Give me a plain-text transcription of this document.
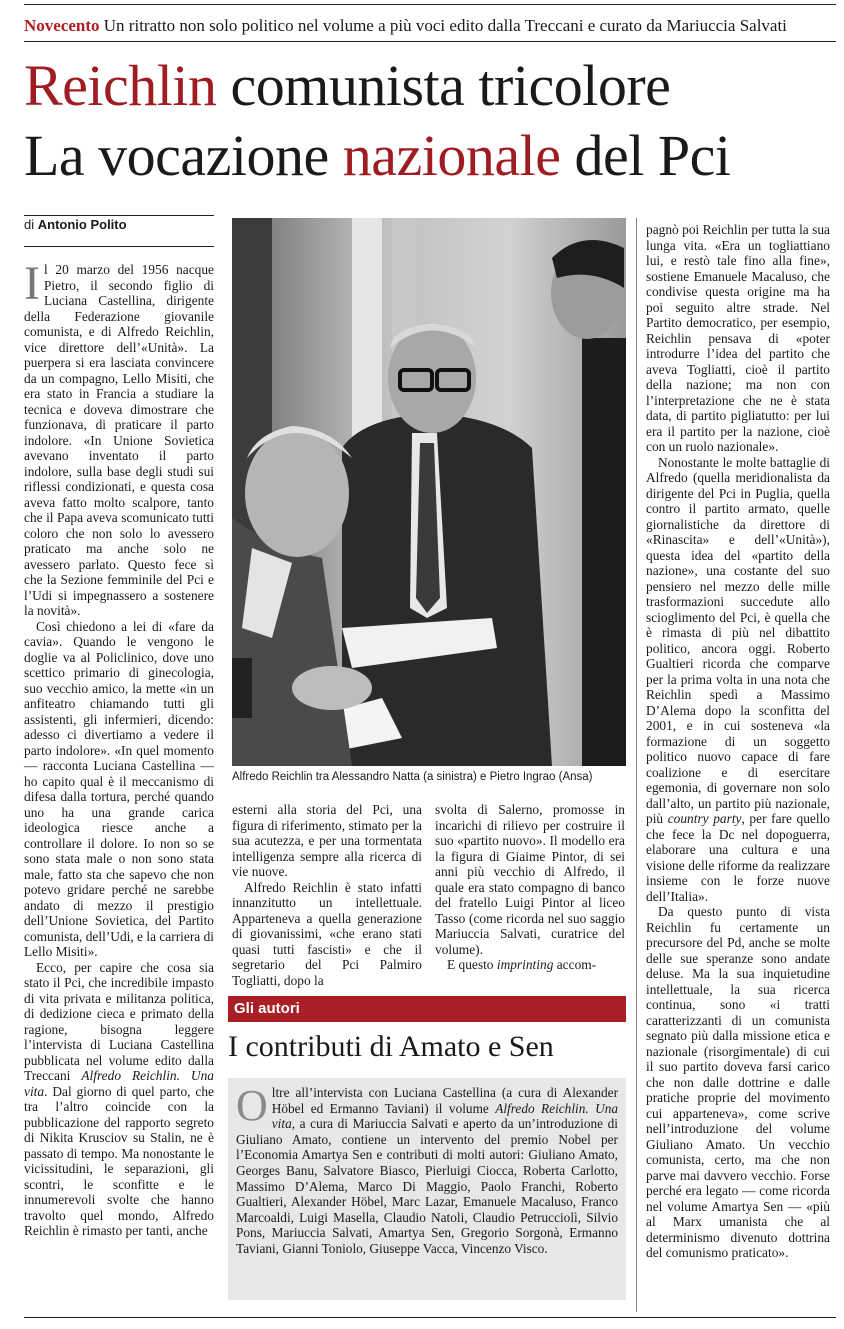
Novecento Un ritratto non solo politico nel volume a più voci edito dalla Treccani e curato da Mariuccia Salvati
Reichlin comunista tricolore
La vocazione nazionale del Pci
di Antonio Polito

Il 20 marzo del 1956 nacque Pietro, il secondo figlio di Luciana Castellina, dirigente della Federazione giovanile comunista, e di Alfredo Reichlin, vice direttore dell’«Unità». La puerpera si era lasciata convincere da un compagno, Lello Misiti, che era stato in Francia a studiare la tecnica e doveva dimostrare che funzionava, di praticare il parto indolore. «In Unione Sovietica avevano inventato il parto indolore, sulla base degli studi sui riflessi condizionati, e questa cosa aveva fatto molto scalpore, tanto che il Papa aveva scomunicato tutti coloro che non solo lo avessero praticato ma anche solo ne avessero parlato. Questo fece sì che la Sezione femminile del Pci e l’Udi si impegnassero a sostenere la novità».

Così chiedono a lei di «fare da cavia». Quando le vengono le doglie va al Policlinico, dove uno scettico primario di ginecologia, suo vecchio amico, la mette «in un anfiteatro chiamando tutti gli assistenti, gli infermieri, dicendo: adesso ci divertiamo a vedere il parto indolore». «In quel momento — racconta Luciana Castellina — ho capito qual è il meccanismo di difesa dalla tortura, perché quando uno ha una grande carica ideologica riesce anche a controllare il dolore. Io non so se sono stata male o non sono stata male, fatto sta che sapevo che non potevo gridare perché ne sarebbe andato di mezzo il prestigio dell’Unione Sovietica, del Partito comunista, dell’Udi, e la carriera di Lello Misiti».

Ecco, per capire che cosa sia stato il Pci, che incredibile impasto di vita privata e militanza politica, di dedizione cieca e primato della ragione, bisogna leggere l’intervista di Luciana Castellina pubblicata nel volume edito dalla Treccani Alfredo Reichlin. Una vita. Dal giorno di quel parto, che tra l’altro coincide con la pubblicazione del rapporto segreto di Nikita Krusciov su Stalin, ne è passato di tempo. Ma nonostante le vicissitudini, le separazioni, gli scontri, le sconfitte e le innumerevoli svolte che hanno travolto quel mondo, Alfredo Reichlin è rimasto per tanti, anche

Alfredo Reichlin tra Alessandro Natta (a sinistra) e Pietro Ingrao (Ansa)

esterni alla storia del Pci, una figura di riferimento, stimato per la sua acutezza, e per una tormentata intelligenza sempre alla ricerca di vie nuove.

Alfredo Reichlin è stato infatti innanzitutto un intellettuale. Apparteneva a quella generazione di giovanissimi, «che erano stati quasi tutti fascisti» e che il segretario del Pci Palmiro Togliatti, dopo la

svolta di Salerno, promosse in incarichi di rilievo per costruire il suo «partito nuovo». Il modello era la figura di Giaime Pintor, di sei anni più vecchio di Alfredo, il quale era stato compagno di banco del fratello Luigi Pintor al liceo Tasso (come ricorda nel suo saggio Mariuccia Salvati, curatrice del volume).

E questo imprinting accom-

Gli autori
I contributi di Amato e Sen
Oltre all’intervista con Luciana Castellina (a cura di Alexander Höbel ed Ermanno Taviani) il volume Alfredo Reichlin. Una vita, a cura di Mariuccia Salvati e aperto da un’introduzione di Giuliano Amato, contiene un intervento del premio Nobel per l’Economia Amartya Sen e contributi di molti autori: Giuliano Amato, Georges Banu, Salvatore Biasco, Pierluigi Ciocca, Roberta Carlotto, Massimo D’Alema, Marco Di Maggio, Paolo Franchi, Roberto Gualtieri, Alexander Höbel, Marc Lazar, Emanuele Macaluso, Franco Marcoaldi, Luigi Masella, Claudio Natoli, Claudio Petrucciolì, Silvio Pons, Mariuccia Salvati, Amartya Sen, Gregorio Sorgonà, Ermanno Taviani, Gianni Toniolo, Giuseppe Vacca, Vincenzo Visco.

pagnò poi Reichlin per tutta la sua lunga vita. «Era un togliattiano lui, e restò tale fino alla fine», sostiene Emanuele Macaluso, che condivise questa origine ma ha poi seguito altre strade. Nel Partito democratico, per esempio, Reichlin pensava di «poter introdurre l’idea del partito che aveva Togliatti, cioè il partito della nazione; ma non con l’interpretazione che ne è stata data, di partito pigliatutto: per lui era il partito per la nazione, cioè con un ruolo nazionale».

Nonostante le molte battaglie di Alfredo (quella meridionalista da dirigente del Pci in Puglia, quella contro il partito armato, quelle giornalistiche da direttore di «Rinascita» e dell’«Unità»), questa idea del «partito della nazione», una costante del suo pensiero nel mezzo delle mille trasformazioni succedute allo scioglimento del Pci, è quella che è rimasta di più nel dibattito politico, ancora oggi. Roberto Gualtieri ricorda che comparve per la prima volta in una nota che Reichlin spedì a Massimo D’Alema dopo la sconfitta del 2001, e in cui sosteneva «la formazione di un soggetto politico nuovo capace di fare coalizione e di esercitare egemonia, di governare non solo dall’alto, un partito più nazionale, più country party, per fare quello che fece la Dc nel dopoguerra, elaborare una cultura e una visione delle riforme da realizzare insieme con le forze nuove dell’Italia».

Da questo punto di vista Reichlin fu certamente un precursore del Pd, anche se molte delle sue speranze sono andate deluse. Ma la sua inquietudine intellettuale, la sua ricerca continua, sono «i tratti caratterizzanti di un comunista segnato più dalla missione etica e nazionale (risorgimentale) di cui il suo partito doveva farsi carico che non dalle dottrine e dalle pratiche proprie del movimento cui apparteneva», come scrive nell’introduzione del volume Giuliano Amato. Un vecchio comunista, certo, ma che non parve mai davvero vecchio. Forse perché era legato — come ricorda nel volume Amartya Sen — «più al Marx umanista che al determinismo divenuto dottrina del comunismo praticato».
